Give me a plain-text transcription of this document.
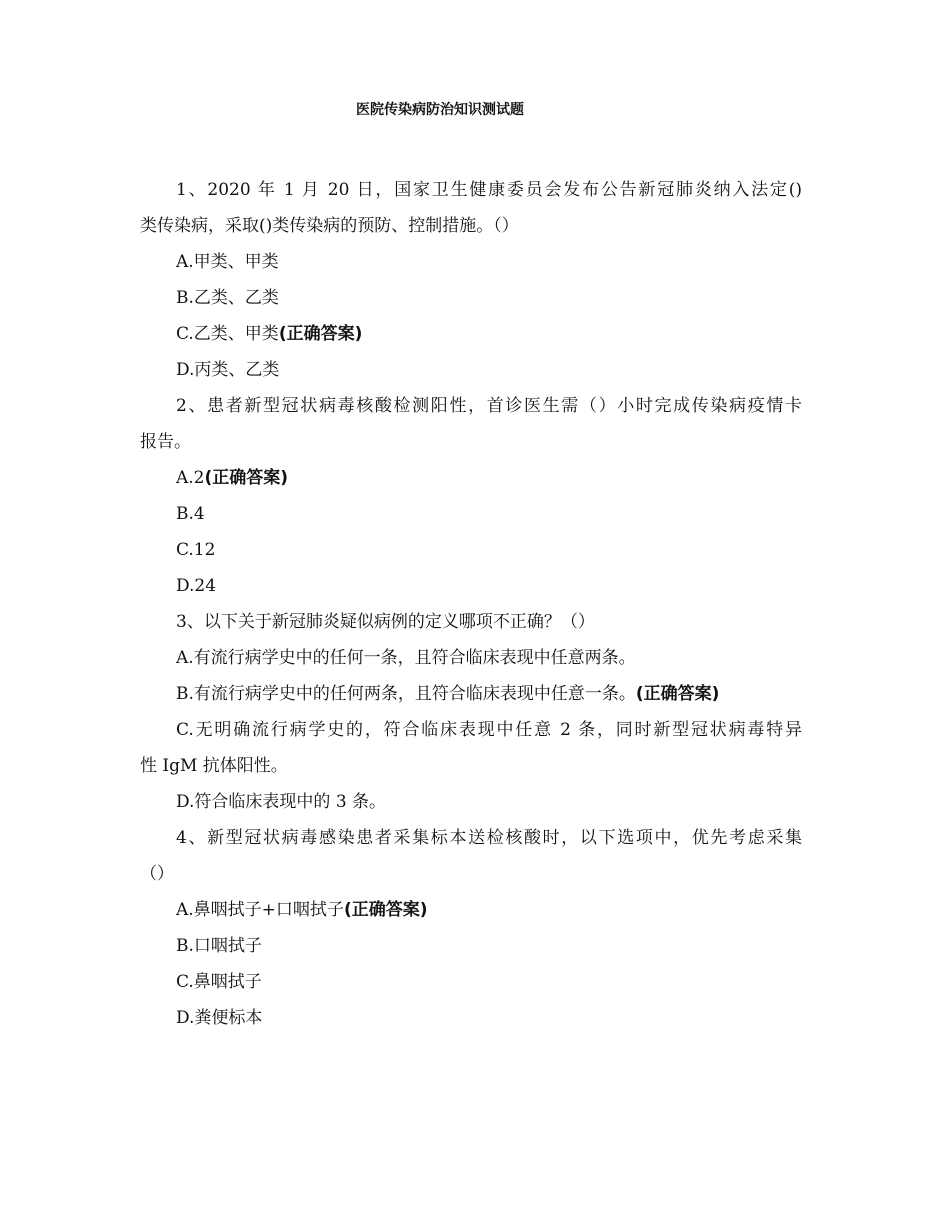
医院传染病防治知识测试题
1、2020 年 1 月 20 日，国家卫生健康委员会发布公告新冠肺炎纳入法定()
类传染病，采取()类传染病的预防、控制措施。（）
A.甲类、甲类
B.乙类、乙类
C.乙类、甲类(正确答案)
D.丙类、乙类
2、患者新型冠状病毒核酸检测阳性，首诊医生需（）小时完成传染病疫情卡
报告。
A.2(正确答案)
B.4
C.12
D.24
3、以下关于新冠肺炎疑似病例的定义哪项不正确？（）
A.有流行病学史中的任何一条，且符合临床表现中任意两条。
B.有流行病学史中的任何两条，且符合临床表现中任意一条。(正确答案)
C.无明确流行病学史的，符合临床表现中任意 2 条，同时新型冠状病毒特异
性 IgM 抗体阳性。
D.符合临床表现中的 3 条。
4、新型冠状病毒感染患者采集标本送检核酸时，以下选项中，优先考虑采集
（）
A.鼻咽拭子+口咽拭子(正确答案)
B.口咽拭子
C.鼻咽拭子
D.粪便标本
